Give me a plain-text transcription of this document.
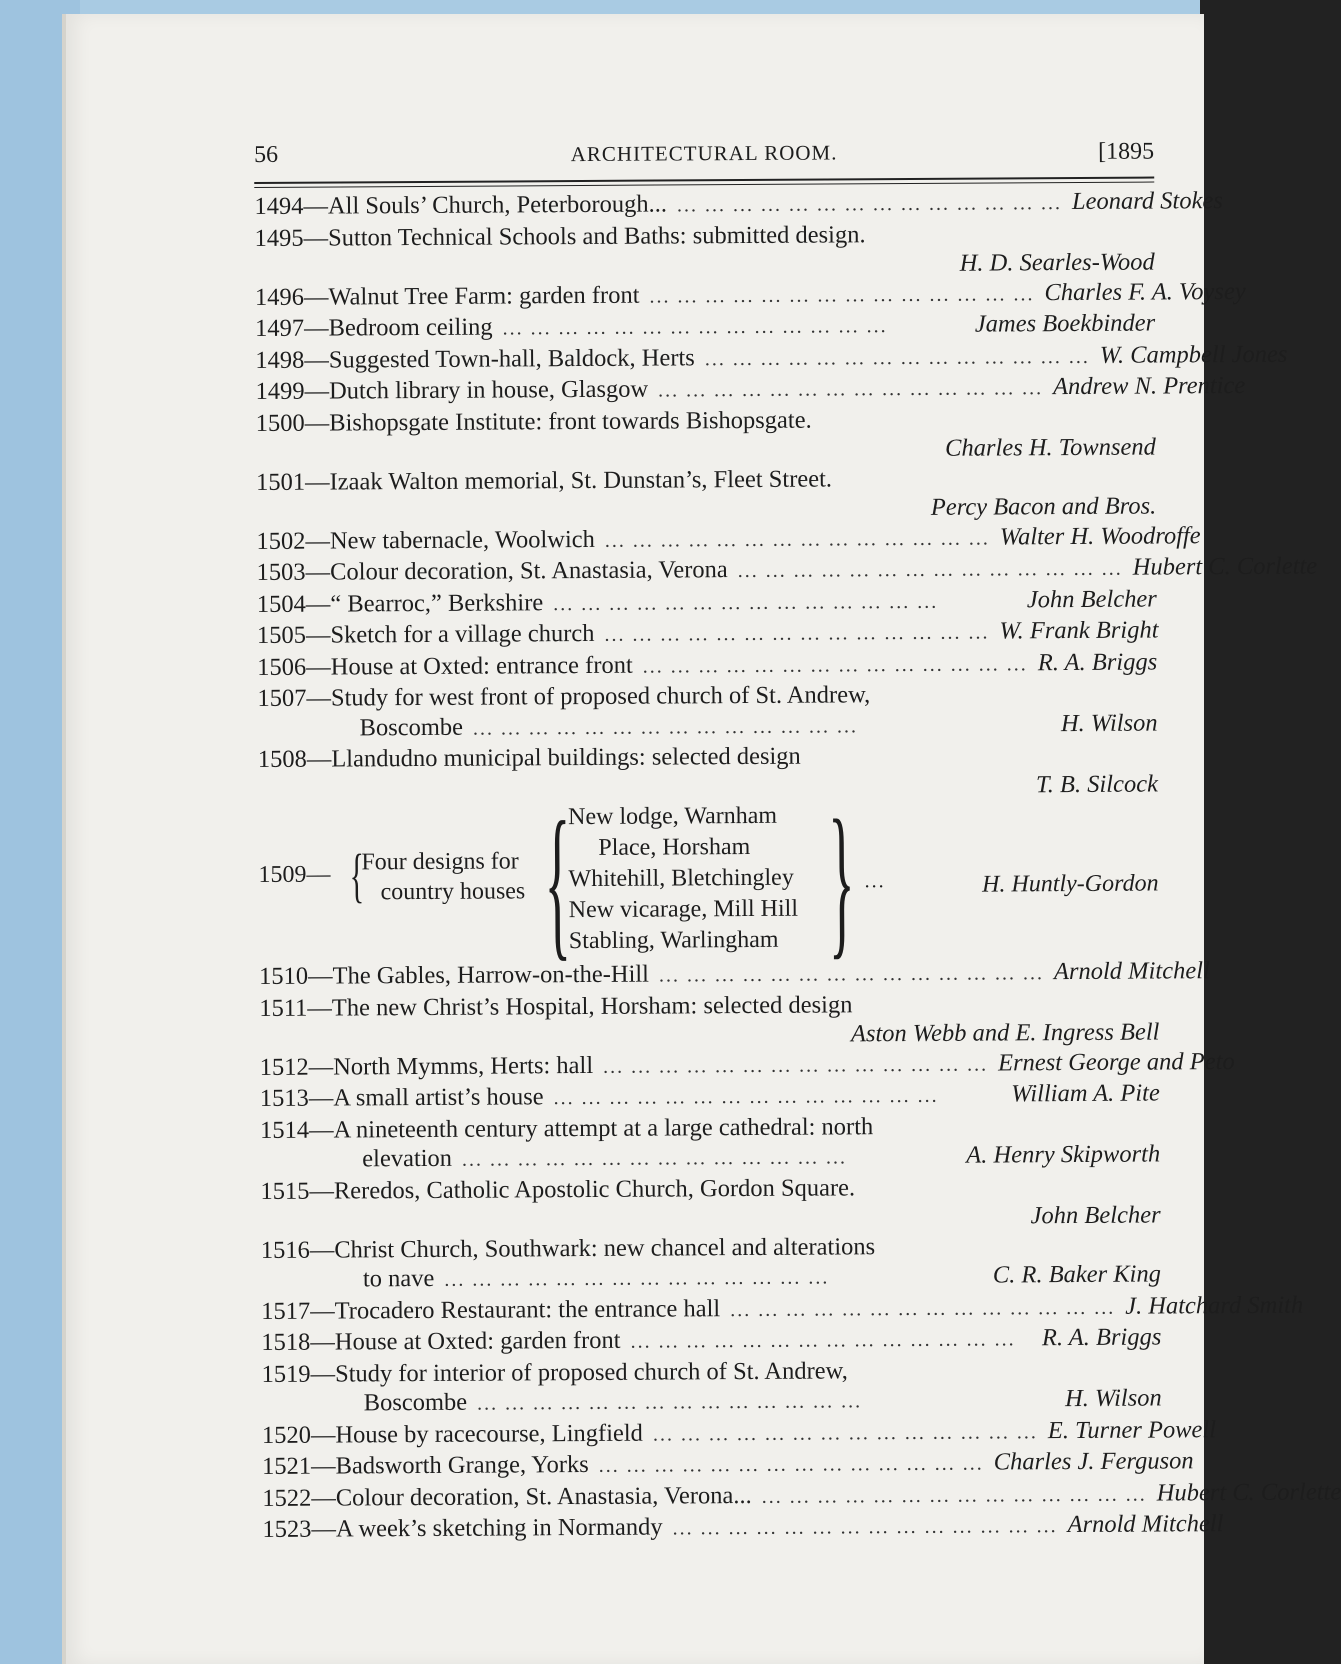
56	ARCHITECTURAL ROOM.	[1895
1494—All Souls’ Church, Peterborough... ... ... ... ... ... ... ... ... ... ... ... ... ... ... Leonard Stokes
1495—Sutton Technical Schools and Baths: submitted design.
H. D. Searles-Wood
1496—Walnut Tree Farm: garden front ... ... ... ... ... ... ... ... ... ... ... ... ... ... Charles F. A. Voysey
1497—Bedroom ceiling ... ... ... ... ... ... ... ... ... ... ... ... ... ...	James Boekbinder
1498—Suggested Town-hall, Baldock, Herts ... ... ... ... ... ... ... ... ... ... ... ... ... ... W. Campbell Jones
1499—Dutch library in house, Glasgow ... ... ... ... ... ... ... ... ... ... ... ... ... ... Andrew N. Prentice
1500—Bishopsgate Institute: front towards Bishopsgate.
Charles H. Townsend
1501—Izaak Walton memorial, St. Dunstan’s, Fleet Street.
Percy Bacon and Bros.
1502—New tabernacle, Woolwich ... ... ... ... ... ... ... ... ... ... ... ... ... ... Walter H. Woodroffe
1503—Colour decoration, St. Anastasia, Verona ... ... ... ... ... ... ... ... ... ... ... ... ... ... Hubert C. Corlette
1504—“ Bearroc,” Berkshire ... ... ... ... ... ... ... ... ... ... ... ... ... ...	John Belcher
1505—Sketch for a village church ... ... ... ... ... ... ... ... ... ... ... ... ... ... W. Frank Bright
1506—House at Oxted: entrance front ... ... ... ... ... ... ... ... ... ... ... ... ... ... R. A. Briggs
1507—Study for west front of proposed church of St. Andrew,
Boscombe ... ... ... ... ... ... ... ... ... ... ... ... ... ...	H. Wilson
1508—Llandudno municipal buildings: selected design
T. B. Silcock
1509— {
Four designs for
country houses {
New lodge, Warnham
Place, Horsham
Whitehill, Bletchingley
New vicarage, Mill Hill
Stabling, Warlingham } ...	H. Huntly-Gordon
1510—The Gables, Harrow-on-the-Hill ... ... ... ... ... ... ... ... ... ... ... ... ... ... Arnold Mitchell
1511—The new Christ’s Hospital, Horsham: selected design
Aston Webb and E. Ingress Bell
1512—North Mymms, Herts: hall ... ... ... ... ... ... ... ... ... ... ... ... ... ... Ernest George and Peto
1513—A small artist’s house ... ... ... ... ... ... ... ... ... ... ... ... ... ...	William A. Pite
1514—A nineteenth century attempt at a large cathedral: north
elevation ... ... ... ... ... ... ... ... ... ... ... ... ... ...	A. Henry Skipworth
1515—Reredos, Catholic Apostolic Church, Gordon Square.
John Belcher
1516—Christ Church, Southwark: new chancel and alterations
to nave ... ... ... ... ... ... ... ... ... ... ... ... ... ...	C. R. Baker King
1517—Trocadero Restaurant: the entrance hall ... ... ... ... ... ... ... ... ... ... ... ... ... ... J. Hatchard Smith
1518—House at Oxted: garden front ... ... ... ... ... ... ... ... ... ... ... ... ... ...	R. A. Briggs
1519—Study for interior of proposed church of St. Andrew,
Boscombe ... ... ... ... ... ... ... ... ... ... ... ... ... ...	H. Wilson
1520—House by racecourse, Lingfield ... ... ... ... ... ... ... ... ... ... ... ... ... ... E. Turner Powell
1521—Badsworth Grange, Yorks ... ... ... ... ... ... ... ... ... ... ... ... ... ... Charles J. Ferguson
1522—Colour decoration, St. Anastasia, Verona... ... ... ... ... ... ... ... ... ... ... ... ... ... ... Hubert C. Corlette
1523—A week’s sketching in Normandy ... ... ... ... ... ... ... ... ... ... ... ... ... ... Arnold Mitchell
